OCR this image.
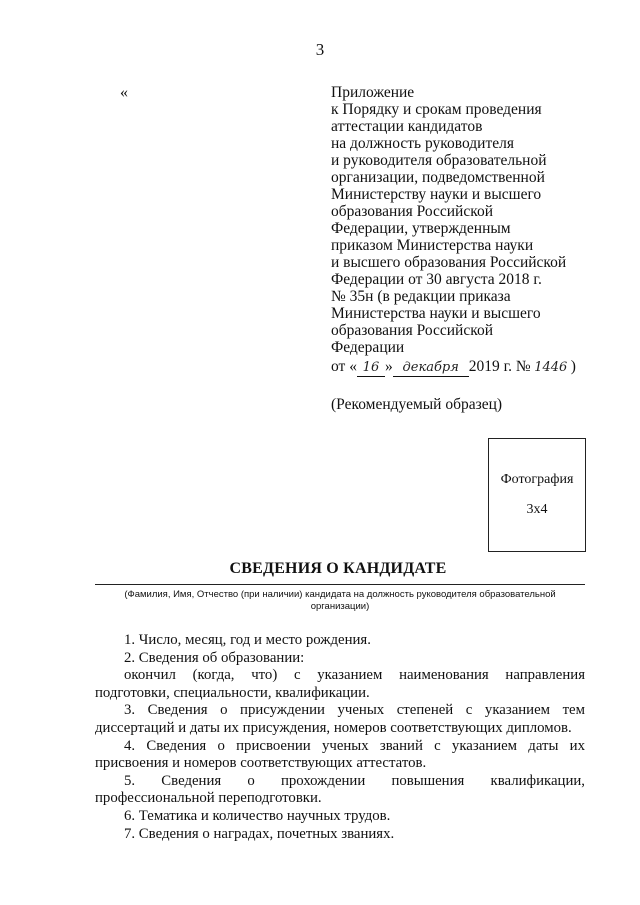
3
«	Приложение
к Порядку и срокам проведения
аттестации кандидатов
на должность руководителя
и руководителя образовательной
организации, подведомственной
Министерству науки и высшего
образования Российской
Федерации, утвержденным
приказом Министерства науки
и высшего образования Российской
Федерации от 30 августа 2018 г.
№ 35н (в редакции приказа
Министерства науки и высшего
образования Российской
Федерации
от « 16 » декабря 2019 г. № 1446 )
(Рекомендуемый образец)
Фотография
3х4
СВЕДЕНИЯ О КАНДИДАТЕ
(Фамилия, Имя, Отчество (при наличии) кандидата на должность руководителя образовательной организации)

1. Число, месяц, год и место рождения.

2. Сведения об образовании:

окончил (когда, что) с указанием наименования направления

подготовки, специальности, квалификации.

3. Сведения о присуждении ученых степеней с указанием тем

диссертаций и даты их присуждения, номеров соответствующих дипломов.

4. Сведения о присвоении ученых званий с указанием даты их

присвоения и номеров соответствующих аттестатов.

5. Сведения о прохождении повышения квалификации,

профессиональной переподготовки.

6. Тематика и количество научных трудов.

7. Сведения о наградах, почетных званиях.
